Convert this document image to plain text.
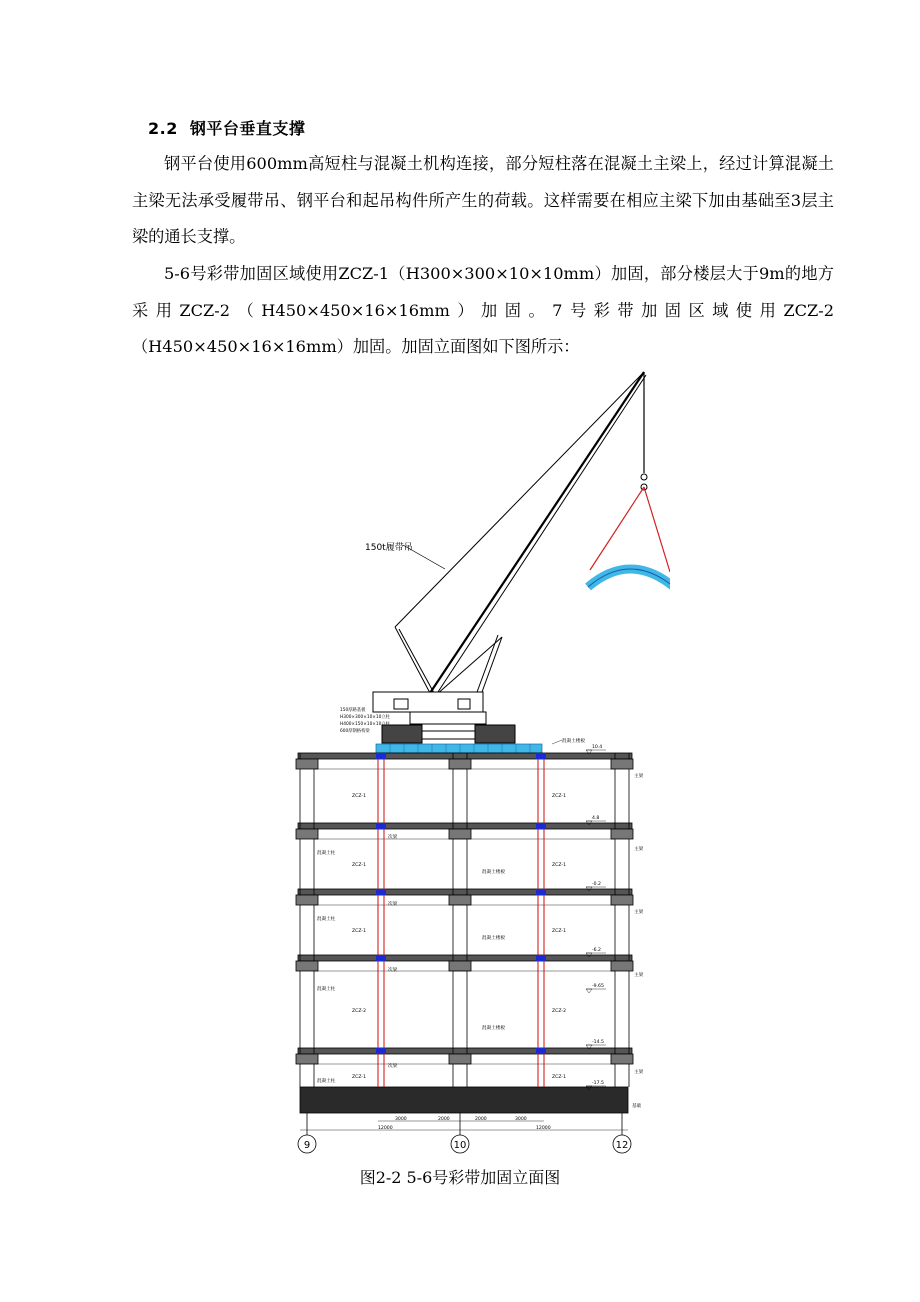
2.2 钢平台垂直支撑

钢平台使用600mm高短柱与混凝土机构连接，部分短柱落在混凝土主梁上，经过计算混凝土主梁无法承受履带吊、钢平台和起吊构件所产生的荷载。这样需要在相应主梁下加由基础至3层主梁的通长支撑。

5-6号彩带加固区域使用ZCZ-1（H300×300×10×10mm）加固，部分楼层大于9m的地方采用ZCZ-2（H450×450×16×16mm）加固。7号彩带加固区域使用ZCZ-2（H450×450×16×16mm）加固。加固立面图如下图所示：

150t履带吊
150厚路基板
H300×300×10×10立柱
H400×150×10×10立柱
600厚钢格构梁
混凝土楼板
10.4
4.8
-0.2
-6.2
-9.65
-14.5
-17.5
主梁
主梁
主梁
主梁
主梁
次梁
次梁
次梁
次梁
混凝土柱
混凝土柱
混凝土柱
混凝土柱
混凝土楼板
混凝土楼板
混凝土楼板
ZCZ-1
ZCZ-1
ZCZ-1
ZCZ-2
ZCZ-1
ZCZ-1
ZCZ-1
ZCZ-1
ZCZ-2
ZCZ-1
基础
3000	2000	2000	3000
12000	12000
9	10	12
图2-2 5-6号彩带加固立面图
